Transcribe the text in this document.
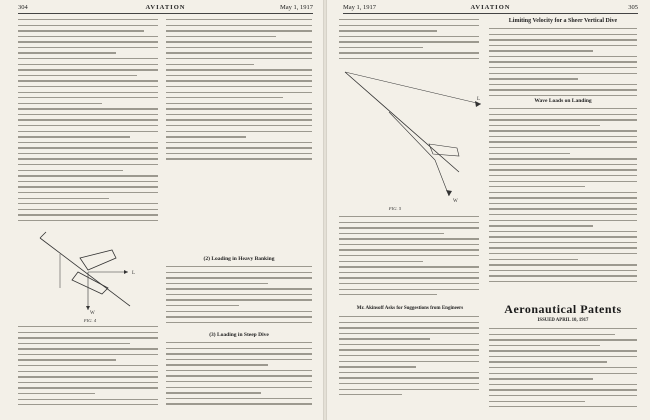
304	AVIATION	May 1, 1917
L
W
FIG. 4
(2) Loading in Heavy Banking
(3) Loading in Steep Dive
May 1, 1917	AVIATION	305
W
L
FIG. 5
Mr. Akinsoff Asks for Suggestions from Engineers
Limiting Velocity for a Sheer Vertical Dive
Wave Loads on Landing
Aeronautical Patents
ISSUED APRIL 10, 1917
